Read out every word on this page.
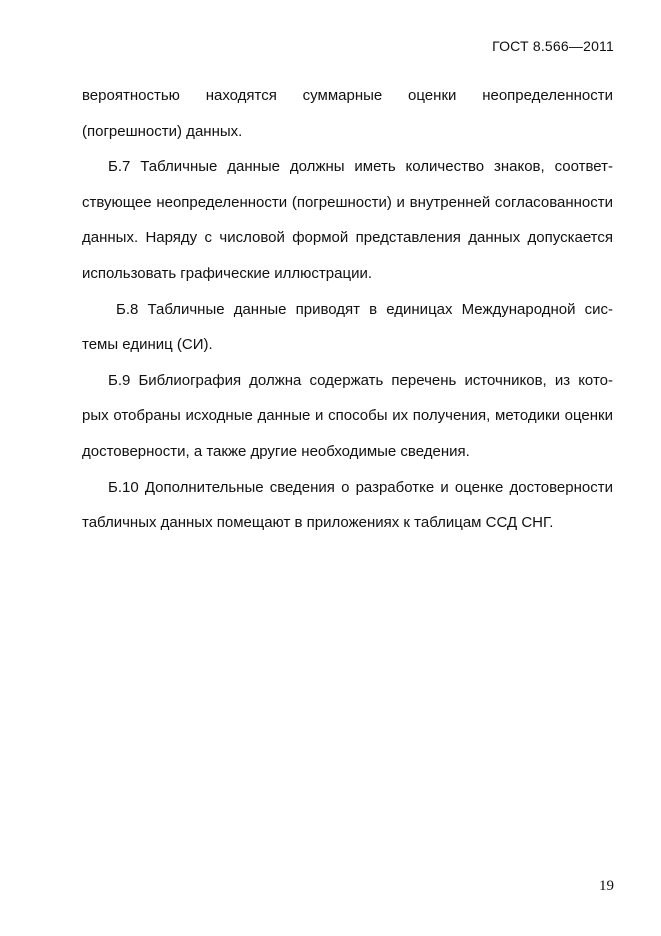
ГОСТ 8.566—2011
вероятностью находятся суммарные оценки неопределенности
(погрешности) данных.
Б.7 Табличные данные должны иметь количество знаков, соответ-
ствующее неопределенности (погрешности) и внутренней согласованности
данных. Наряду с числовой формой представления данных допускается
использовать графические иллюстрации.
Б.8 Табличные данные приводят в единицах Международной сис-
темы единиц (СИ).
Б.9 Библиография должна содержать перечень источников, из кото-
рых отобраны исходные данные и способы их получения, методики оценки
достоверности, а также другие необходимые сведения.
Б.10 Дополнительные сведения о разработке и оценке достоверности
табличных данных помещают в приложениях к таблицам ССД СНГ.
19
